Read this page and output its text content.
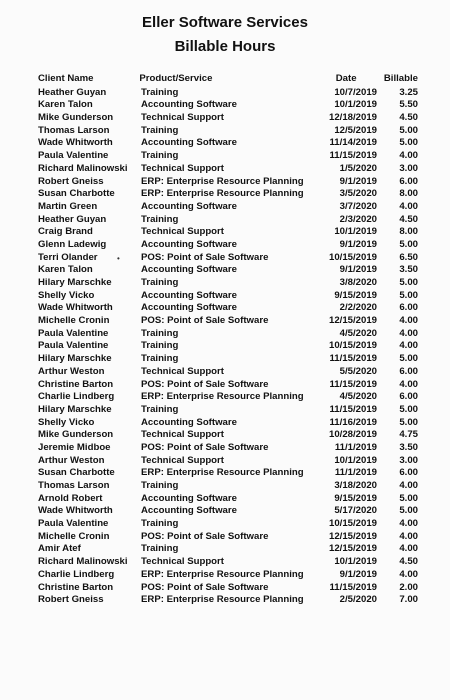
Eller Software Services
Billable Hours
Client Name	Product/Service	Date	Billable
Heather Guyan	Training	10/7/2019	3.25
Karen Talon	Accounting Software	10/1/2019	5.50
Mike Gunderson	Technical Support	12/18/2019	4.50
Thomas Larson	Training	12/5/2019	5.00
Wade Whitworth	Accounting Software	11/14/2019	5.00
Paula Valentine	Training	11/15/2019	4.00
Richard Malinowski	Technical Support	1/5/2020	3.00
Robert Gneiss	ERP: Enterprise Resource Planning	9/1/2019	6.00
Susan Charbotte	ERP: Enterprise Resource Planning	3/5/2020	8.00
Martin Green	Accounting Software	3/7/2020	4.00
Heather Guyan	Training	2/3/2020	4.50
Craig Brand	Technical Support	10/1/2019	8.00
Glenn Ladewig	Accounting Software	9/1/2019	5.00
Terri Olander	POS: Point of Sale Software	10/15/2019	6.50
Karen Talon	Accounting Software	9/1/2019	3.50
Hilary Marschke	Training	3/8/2020	5.00
Shelly Vicko	Accounting Software	9/15/2019	5.00
Wade Whitworth	Accounting Software	2/2/2020	6.00
Michelle Cronin	POS: Point of Sale Software	12/15/2019	4.00
Paula Valentine	Training	4/5/2020	4.00
Paula Valentine	Training	10/15/2019	4.00
Hilary Marschke	Training	11/15/2019	5.00
Arthur Weston	Technical Support	5/5/2020	6.00
Christine Barton	POS: Point of Sale Software	11/15/2019	4.00
Charlie Lindberg	ERP: Enterprise Resource Planning	4/5/2020	6.00
Hilary Marschke	Training	11/15/2019	5.00
Shelly Vicko	Accounting Software	11/16/2019	5.00
Mike Gunderson	Technical Support	10/28/2019	4.75
Jeremie Midboe	POS: Point of Sale Software	11/1/2019	3.50
Arthur Weston	Technical Support	10/1/2019	3.00
Susan Charbotte	ERP: Enterprise Resource Planning	11/1/2019	6.00
Thomas Larson	Training	3/18/2020	4.00
Arnold Robert	Accounting Software	9/15/2019	5.00
Wade Whitworth	Accounting Software	5/17/2020	5.00
Paula Valentine	Training	10/15/2019	4.00
Michelle Cronin	POS: Point of Sale Software	12/15/2019	4.00
Amir Atef	Training	12/15/2019	4.00
Richard Malinowski	Technical Support	10/1/2019	4.50
Charlie Lindberg	ERP: Enterprise Resource Planning	9/1/2019	4.00
Christine Barton	POS: Point of Sale Software	11/15/2019	2.00
Robert Gneiss	ERP: Enterprise Resource Planning	2/5/2020	7.00
•
